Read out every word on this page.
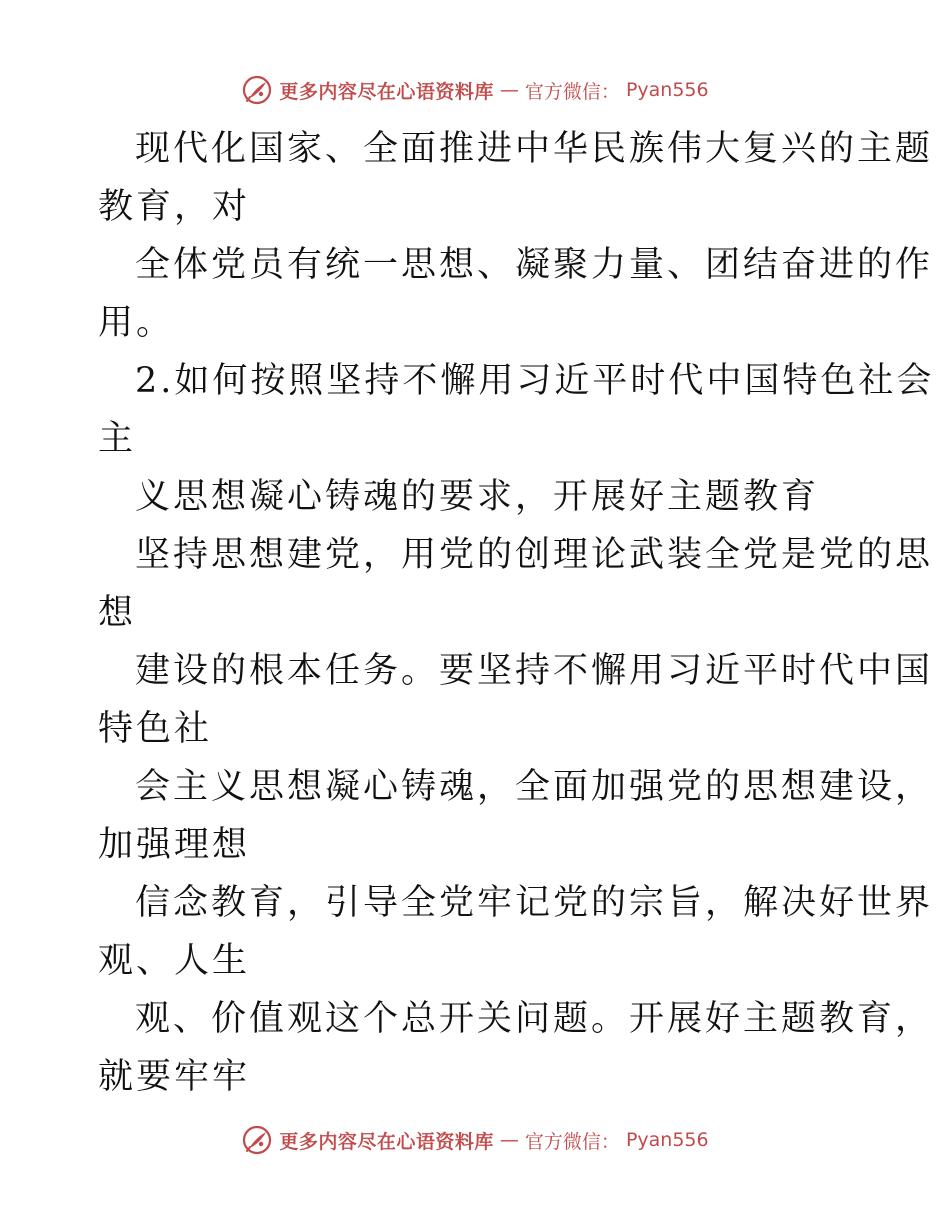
更多内容尽在心语资料库 — 官方微信： Pyan556
现代化国家、全面推进中华民族伟大复兴的主题
教育，对
全体党员有统一思想、凝聚力量、团结奋进的作
用。
2.如何按照坚持不懈用习近平时代中国特色社会
主
义思想凝心铸魂的要求，开展好主题教育
坚持思想建党，用党的创理论武装全党是党的思
想
建设的根本任务。要坚持不懈用习近平时代中国
特色社
会主义思想凝心铸魂，全面加强党的思想建设，
加强理想
信念教育，引导全党牢记党的宗旨，解决好世界
观、人生
观、价值观这个总开关问题。开展好主题教育，
就要牢牢
更多内容尽在心语资料库 — 官方微信： Pyan556
